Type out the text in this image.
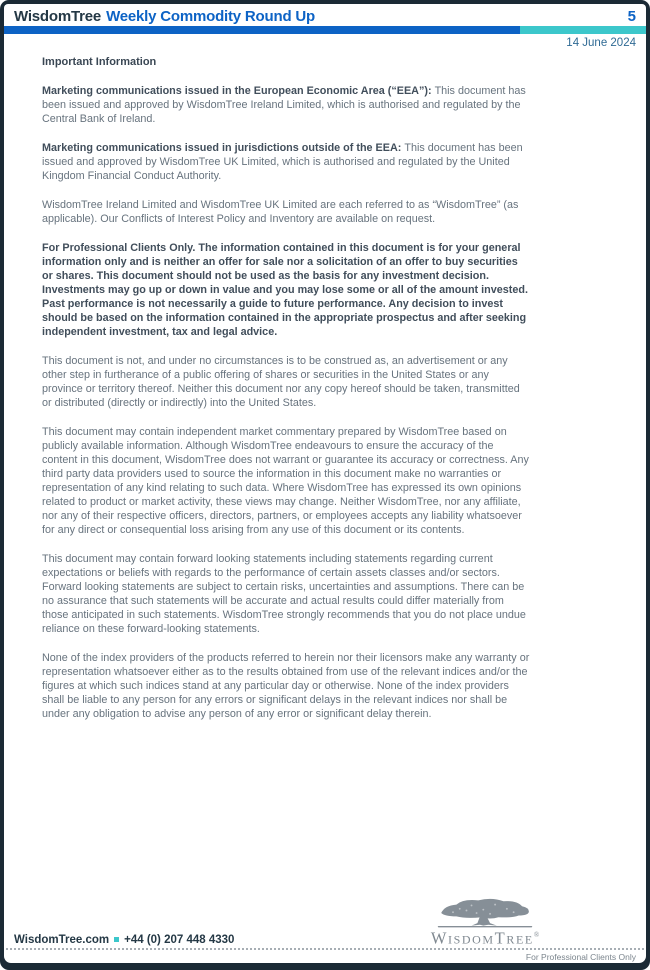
WisdomTree Weekly Commodity Round Up	5
14 June 2024
Important Information

Marketing communications issued in the European Economic Area (“EEA”): This document has been issued and approved by WisdomTree Ireland Limited, which is authorised and regulated by the Central Bank of Ireland.

Marketing communications issued in jurisdictions outside of the EEA: This document has been issued and approved by WisdomTree UK Limited, which is authorised and regulated by the United Kingdom Financial Conduct Authority.

WisdomTree Ireland Limited and WisdomTree UK Limited are each referred to as “WisdomTree” (as applicable). Our Conflicts of Interest Policy and Inventory are available on request.

For Professional Clients Only. The information contained in this document is for your general information only and is neither an offer for sale nor a solicitation of an offer to buy securities or shares. This document should not be used as the basis for any investment decision. Investments may go up or down in value and you may lose some or all of the amount invested. Past performance is not necessarily a guide to future performance. Any decision to invest should be based on the information contained in the appropriate prospectus and after seeking independent investment, tax and legal advice.

This document is not, and under no circumstances is to be construed as, an advertisement or any other step in furtherance of a public offering of shares or securities in the United States or any province or territory thereof. Neither this document nor any copy hereof should be taken, transmitted or distributed (directly or indirectly) into the United States.

This document may contain independent market commentary prepared by WisdomTree based on publicly available information. Although WisdomTree endeavours to ensure the accuracy of the content in this document, WisdomTree does not warrant or guarantee its accuracy or correctness. Any third party data providers used to source the information in this document make no warranties or representation of any kind relating to such data. Where WisdomTree has expressed its own opinions related to product or market activity, these views may change. Neither WisdomTree, nor any affiliate, nor any of their respective officers, directors, partners, or employees accepts any liability whatsoever for any direct or consequential loss arising from any use of this document or its contents.

This document may contain forward looking statements including statements regarding current expectations or beliefs with regards to the performance of certain assets classes and/or sectors. Forward looking statements are subject to certain risks, uncertainties and assumptions. There can be no assurance that such statements will be accurate and actual results could differ materially from those anticipated in such statements. WisdomTree strongly recommends that you do not place undue reliance on these forward-looking statements.

None of the index providers of the products referred to herein nor their licensors make any warranty or representation whatsoever either as to the results obtained from use of the relevant indices and/or the figures at which such indices stand at any particular day or otherwise. None of the index providers shall be liable to any person for any errors or significant delays in the relevant indices nor shall be under any obligation to advise any person of any error or significant delay therein.

WisdomTree.com +44 (0) 207 448 4330	WisdomTree®
For Professional Clients Only
